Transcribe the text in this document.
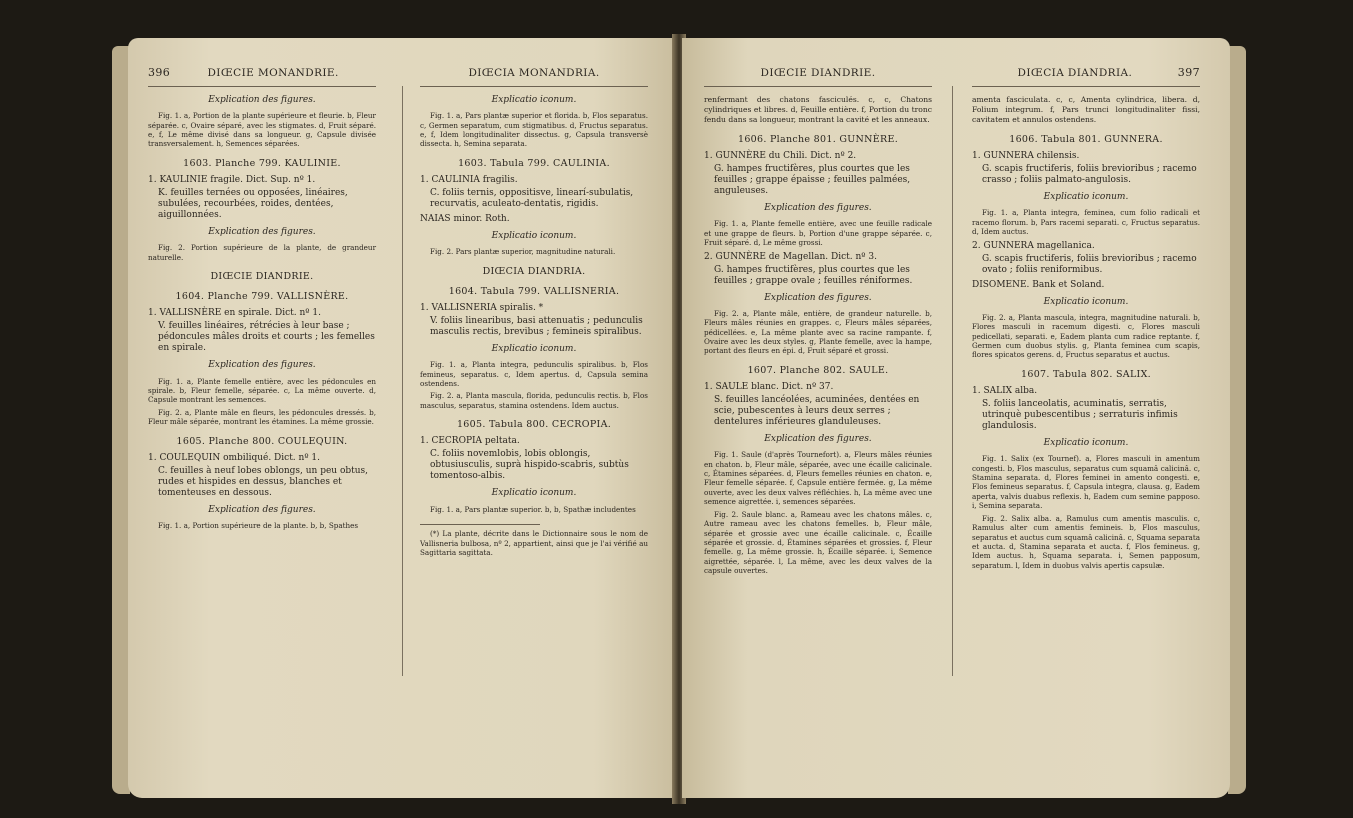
396	DIŒCIE MONANDRIE.
Explication des figures.
Fig. 1. a, Portion de la plante supérieure et fleurie. b, Fleur séparée. c, Ovaire séparé, avec les stigmates. d, Fruit séparé. e, f, Le même divisé dans sa longueur. g, Capsule divisée transversalement. h, Semences séparées.
1603. Planche 799. KAULINIE.
1. KAULINIE fragile. Dict. Sup. nº 1.
K. feuilles ternées ou opposées, linéaires, subulées, recourbées, roides, dentées, aiguillonnées.
Explication des figures.
Fig. 2. Portion supérieure de la plante, de grandeur naturelle.
DIŒCIE DIANDRIE.
1604. Planche 799. VALLISNÈRE.
1. VALLISNÈRE en spirale. Dict. nº 1.
V. feuilles linéaires, rétrécies à leur base ; pédoncules mâles droits et courts ; les femelles en spirale.
Explication des figures.
Fig. 1. a, Plante femelle entière, avec les pédoncules en spirale. b, Fleur femelle, séparée. c, La même ouverte. d, Capsule montrant les semences.
Fig. 2. a, Plante mâle en fleurs, les pédoncules dressés. b, Fleur mâle séparée, montrant les étamines. La même grossie.
1605. Planche 800. COULEQUIN.
1. COULEQUIN ombiliqué. Dict. nº 1.
C. feuilles à neuf lobes oblongs, un peu obtus, rudes et hispides en dessus, blanches et tomenteuses en dessous.
Explication des figures.
Fig. 1. a, Portion supérieure de la plante. b, b, Spathes
DIŒCIA MONANDRIA.
Explicatio iconum.
Fig. 1. a, Pars plantæ superior et florida. b, Flos separatus. c, Germen separatum, cum stigmatibus. d, Fructus separatus. e, f, Idem longitudinaliter dissectus. g, Capsula transversè dissecta. h, Semina separata.
1603. Tabula 799. CAULINIA.
1. CAULINIA fragilis.
C. foliis ternis, oppositisve, linearí-subulatis, recurvatis, aculeato-dentatis, rigidis.
NAIAS minor. Roth.
Explicatio iconum.
Fig. 2. Pars plantæ superior, magnitudine naturali.
DIŒCIA DIANDRIA.
1604. Tabula 799. VALLISNERIA.
1. VALLISNERIA spiralis. *
V. foliis linearibus, basi attenuatis ; pedunculis masculis rectis, brevibus ; femineis spiralibus.
Explicatio iconum.
Fig. 1. a, Planta integra, pedunculis spiralibus. b, Flos femineus, separatus. c, Idem apertus. d, Capsula semina ostendens.
Fig. 2. a, Planta mascula, florida, pedunculis rectis. b, Flos masculus, separatus, stamina ostendens. Idem auctus.
1605. Tabula 800. CECROPIA.
1. CECROPIA peltata.
C. foliis novemlobis, lobis oblongis, obtusiusculis, suprà hispido-scabris, subtùs tomentoso-albis.
Explicatio iconum.
Fig. 1. a, Pars plantæ superior. b, b, Spathæ includentes
(*) La plante, décrite dans le Dictionnaire sous le nom de Vallisneria bulbosa, nº 2, appartient, ainsi que je l'ai vérifié au Sagittaria sagittata.
DIŒCIE DIANDRIE.
renfermant des chatons fasciculés. c, c, Chatons cylindriques et libres. d, Feuille entière. f, Portion du tronc fendu dans sa longueur, montrant la cavité et les anneaux.
1606. Planche 801. GUNNÈRE.
1. GUNNÈRE du Chili. Dict. nº 2.
G. hampes fructifères, plus courtes que les feuilles ; grappe épaisse ; feuilles palmées, anguleuses.
Explication des figures.
Fig. 1. a, Plante femelle entière, avec une feuille radicale et une grappe de fleurs. b, Portion d'une grappe séparée. c, Fruit séparé. d, Le même grossi.
2. GUNNÈRE de Magellan. Dict. nº 3.
G. hampes fructifères, plus courtes que les feuilles ; grappe ovale ; feuilles réniformes.
Explication des figures.
Fig. 2. a, Plante mâle, entière, de grandeur naturelle. b, Fleurs mâles réunies en grappes. c, Fleurs mâles séparées, pédicellées. e, La même plante avec sa racine rampante. f, Ovaire avec les deux styles. g, Plante femelle, avec la hampe, portant des fleurs en épi. d, Fruit séparé et grossi.
1607. Planche 802. SAULE.
1. SAULE blanc. Dict. nº 37.
S. feuilles lancéolées, acuminées, dentées en scie, pubescentes à leurs deux serres ; dentelures inférieures glanduleuses.
Explication des figures.
Fig. 1. Saule (d'après Tournefort). a, Fleurs mâles réunies en chaton. b, Fleur mâle, séparée, avec une écaille calicinale. c, Étamines séparées. d, Fleurs femelles réunies en chaton. e, Fleur femelle séparée. f, Capsule entière fermée. g, La même ouverte, avec les deux valves réfléchies. h, La même avec une semence aigrettée. i, semences séparées.
Fig. 2. Saule blanc. a, Rameau avec les chatons mâles. c, Autre rameau avec les chatons femelles. b, Fleur mâle, séparée et grossie avec une écaille calicinale. c, Écaille séparée et grossie. d, Étamines séparées et grossies. f, Fleur femelle. g, La même grossie. h, Écaille séparée. i, Semence aigrettée, séparée. l, La même, avec les deux valves de la capsule ouvertes.
DIŒCIA DIANDRIA.	397
amenta fasciculata. c, c, Amenta cylindrica, libera. d, Folium integrum. f, Pars trunci longitudinaliter fissi, cavitatem et annulos ostendens.
1606. Tabula 801. GUNNERA.
1. GUNNERA chilensis.
G. scapis fructiferis, foliis brevioribus ; racemo crasso ; foliis palmato-angulosis.
Explicatio iconum.
Fig. 1. a, Planta integra, feminea, cum folio radicali et racemo florum. b, Pars racemi separati. c, Fructus separatus. d, Idem auctus.
2. GUNNERA magellanica.
G. scapis fructiferis, foliis brevioribus ; racemo ovato ; foliis reniformibus.
DISOMENE. Bank et Soland.
Explicatio iconum.
Fig. 2. a, Planta mascula, integra, magnitudine naturali. b, Flores masculi in racemum digesti. c, Flores masculi pedicellati, separati. e, Eadem planta cum radice reptante. f, Germen cum duobus stylis. g, Planta feminea cum scapis, flores spicatos gerens. d, Fructus separatus et auctus.
1607. Tabula 802. SALIX.
1. SALIX alba.
S. foliis lanceolatis, acuminatis, serratis, utrinquè pubescentibus ; serraturis infimis glandulosis.
Explicatio iconum.
Fig. 1. Salix (ex Tournef). a, Flores masculi in amentum congesti. b, Flos masculus, separatus cum squamâ calicinâ. c, Stamina separata. d, Flores feminei in amento congesti. e, Flos femineus separatus. f, Capsula integra, clausa. g, Eadem aperta, valvis duabus reflexis. h, Eadem cum semine papposo. i, Semina separata.
Fig. 2. Salix alba. a, Ramulus cum amentis masculis. c, Ramulus alter cum amentis femineis. b, Flos masculus, separatus et auctus cum squamâ calicinâ. c, Squama separata et aucta. d, Stamina separata et aucta. f, Flos femineus. g, Idem auctus. h, Squama separata. i, Semen papposum, separatum. l, Idem in duobus valvis apertis capsulæ.
